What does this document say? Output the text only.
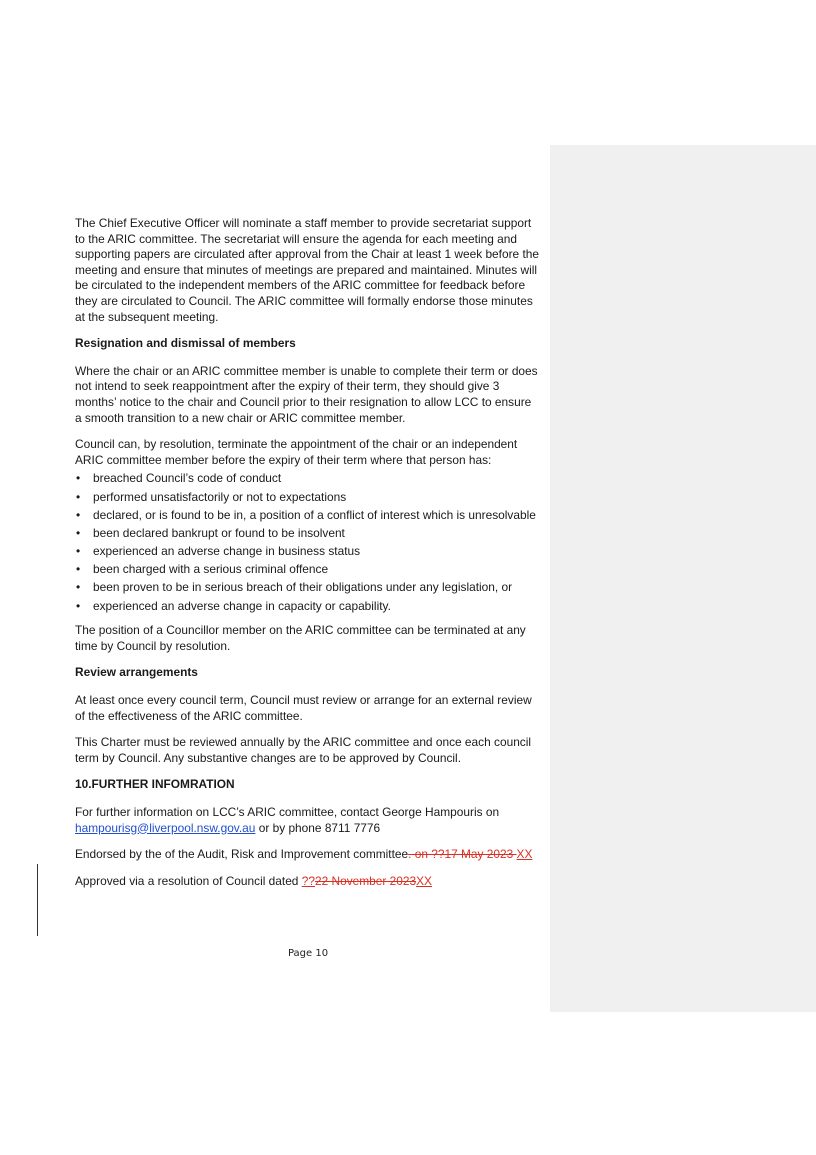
The Chief Executive Officer will nominate a staff member to provide secretariat support to the ARIC committee. The secretariat will ensure the agenda for each meeting and supporting papers are circulated after approval from the Chair at least 1 week before the meeting and ensure that minutes of meetings are prepared and maintained. Minutes will be circulated to the independent members of the ARIC committee for feedback before they are circulated to Council. The ARIC committee will formally endorse those minutes at the subsequent meeting.

Resignation and dismissal of members

Where the chair or an ARIC committee member is unable to complete their term or does not intend to seek reappointment after the expiry of their term, they should give 3 months’ notice to the chair and Council prior to their resignation to allow LCC to ensure a smooth transition to a new chair or ARIC committee member.

Council can, by resolution, terminate the appointment of the chair or an independent ARIC committee member before the expiry of their term where that person has:

• breached Council’s code of conduct
• performed unsatisfactorily or not to expectations
• declared, or is found to be in, a position of a conflict of interest which is unresolvable
• been declared bankrupt or found to be insolvent
• experienced an adverse change in business status
• been charged with a serious criminal offence
• been proven to be in serious breach of their obligations under any legislation, or
• experienced an adverse change in capacity or capability.

The position of a Councillor member on the ARIC committee can be terminated at any time by Council by resolution.

Review arrangements

At least once every council term, Council must review or arrange for an external review of the effectiveness of the ARIC committee.

This Charter must be reviewed annually by the ARIC committee and once each council term by Council. Any substantive changes are to be approved by Council.

10.FURTHER INFOMRATION

For further information on LCC’s ARIC committee, contact George Hampouris on hampourisg@liverpool.nsw.gov.au or by phone 8711 7776

Endorsed by the of the Audit, Risk and Improvement committee. on ??17 May 2023 XX

Approved via a resolution of Council dated ??22 November 2023XX

Page 10
